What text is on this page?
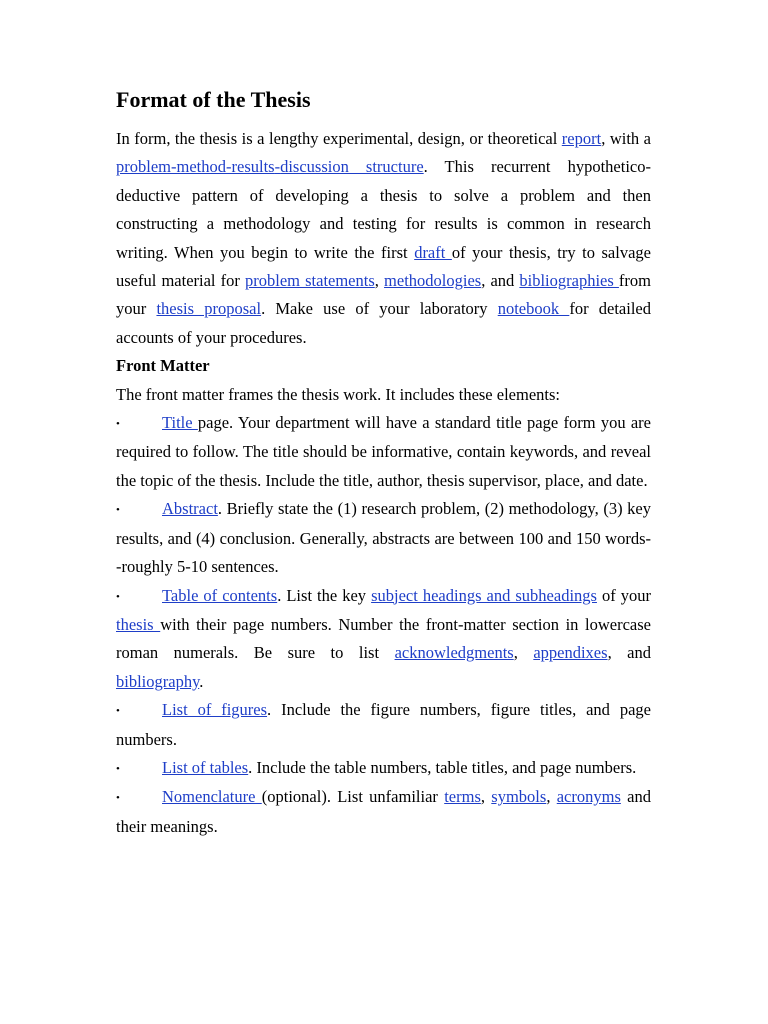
Format of the Thesis

In form, the thesis is a lengthy experimental, design, or theoretical report, with a problem-method-results-discussion structure. This recurrent hypothetico-deductive pattern of developing a thesis to solve a problem and then constructing a methodology and testing for results is common in research writing. When you begin to write the first draft of your thesis, try to salvage useful material for problem statements, methodologies, and bibliographies from your thesis proposal. Make use of your laboratory notebook for detailed accounts of your procedures.

Front Matter

The front matter frames the thesis work. It includes these elements:

•	Title page. Your department will have a standard title page form you are required to follow. The title should be informative, contain keywords, and reveal the topic of the thesis. Include the title, author, thesis supervisor, place, and date.
•	Abstract. Briefly state the (1) research problem, (2) methodology, (3) key results, and (4) conclusion. Generally, abstracts are between 100 and 150 words--roughly 5-10 sentences.
•	Table of contents. List the key subject headings and subheadings of your thesis with their page numbers. Number the front-matter section in lowercase roman numerals. Be sure to list acknowledgments, appendixes, and bibliography.
•	List of figures. Include the figure numbers, figure titles, and page numbers.
•	List of tables. Include the table numbers, table titles, and page numbers.
•	Nomenclature (optional). List unfamiliar terms, symbols, acronyms and their meanings.
